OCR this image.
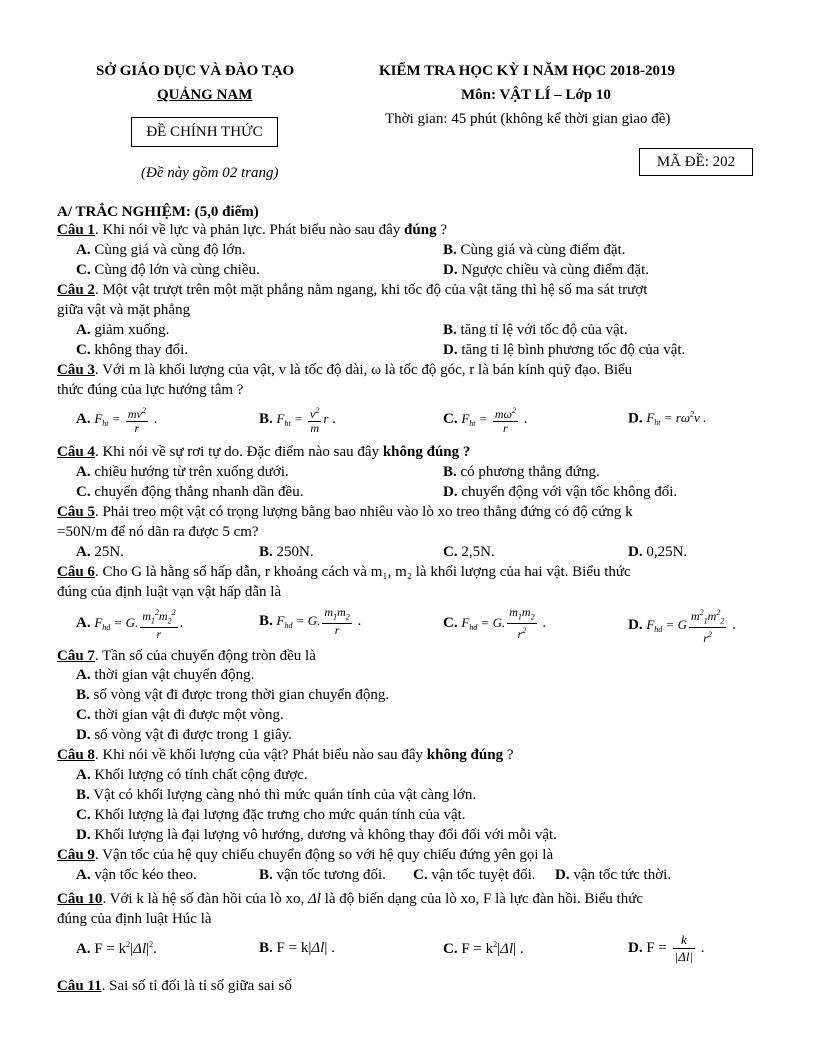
SỞ GIÁO DỤC VÀ ĐÀO TẠO
QUẢNG NAM
ĐỀ CHÍNH THỨC
(Đề này gồm 02 trang)
KIỂM TRA HỌC KỲ I NĂM HỌC 2018-2019
Môn: VẬT LÍ – Lớp 10
Thời gian: 45 phút (không kể thời gian giao đề)
MÃ ĐỀ: 202
A/ TRẮC NGHIỆM: (5,0 điểm)
Câu 1. Khi nói về lực và phản lực. Phát biểu nào sau đây đúng ?
A. Cùng giá và cùng độ lớn.	B. Cùng giá và cùng điểm đặt.
C. Cùng độ lớn và cùng chiều.	D. Ngược chiều và cùng điểm đặt.
Câu 2. Một vật trượt trên một mặt phẳng nằm ngang, khi tốc độ của vật tăng thì hệ số ma sát trượt
giữa vật và mặt phẳng
A. giảm xuống.	B. tăng tỉ lệ với tốc độ của vật.
C. không thay đổi.	D. tăng tỉ lệ bình phương tốc độ của vật.
Câu 3. Với m là khối lượng của vật, v là tốc độ dài, ω là tốc độ góc, r là bán kính quỹ đạo. Biểu
thức đúng của lực hướng tâm ?
A. $F_{ht} = \frac{mv^2}{r}$ .	B. $F_{ht} = \frac{v^2}{m}$ r .	C. $F_{ht} = \frac{m\omega^2}{r}$ .	D. $F_{ht} = r\omega^2v$ .
Câu 4. Khi nói về sự rơi tự do. Đặc điểm nào sau đây không đúng ?
A. chiều hướng từ trên xuống dưới.	B. có phương thẳng đứng.
C. chuyển động thẳng nhanh dần đều.	D. chuyển động với vận tốc không đổi.
Câu 5. Phải treo một vật có trọng lượng bằng bao nhiêu vào lò xo treo thẳng đứng có độ cứng k
=50N/m để nó dãn ra được 5 cm?
A. 25N.	B. 250N.	C. 2,5N.	D. 0,25N.
Câu 6. Cho G là hằng số hấp dẫn, r khoảng cách và m₁, m₂ là khối lượng của hai vật. Biểu thức
đúng của định luật vạn vật hấp dẫn là
A. $F_{hd} = G$. $\frac{m_1^2m_2^2}{r}$ .	B. $F_{hd} = G$. $\frac{m_1m_2}{r}$ .	C. $F_{hd} = G$. $\frac{m_1m_2}{r^2}$ .	D. $F_{hd} = G \frac{m^2_1m^2_2}{r^2}$ .
Câu 7. Tần số của chuyển động tròn đều là
A. thời gian vật chuyển động.
B. số vòng vật đi được trong thời gian chuyển động.
C. thời gian vật đi được một vòng.
D. số vòng vật đi được trong 1 giây.
Câu 8. Khi nói về khối lượng của vật? Phát biểu nào sau đây không đúng ?
A. Khối lượng có tính chất cộng được.
B. Vật có khối lượng càng nhỏ thì mức quán tính của vật càng lớn.
C. Khối lượng là đại lượng đặc trưng cho mức quán tính của vật.
D. Khối lượng là đại lượng vô hướng, dương và không thay đổi đối với mỗi vật.
Câu 9. Vận tốc của hệ quy chiếu chuyển động so với hệ quy chiếu đứng yên gọi là
A. vận tốc kéo theo.	B. vận tốc tương đối. C. vận tốc tuyệt đối. D. vận tốc tức thời.
Câu 10. Với k là hệ số đàn hồi của lò xo, Δl là độ biến dạng của lò xo, F là lực đàn hồi. Biểu thức
đúng của định luật Húc là
A. $F = k^2|\Delta l|^2$.	B. F = k|Δl| .	C. $F = k^2|\Delta l|$ .	D. $F = \frac{k}{|\Delta l|}$ .
Câu 11. Sai số tỉ đối là tỉ số giữa sai số
